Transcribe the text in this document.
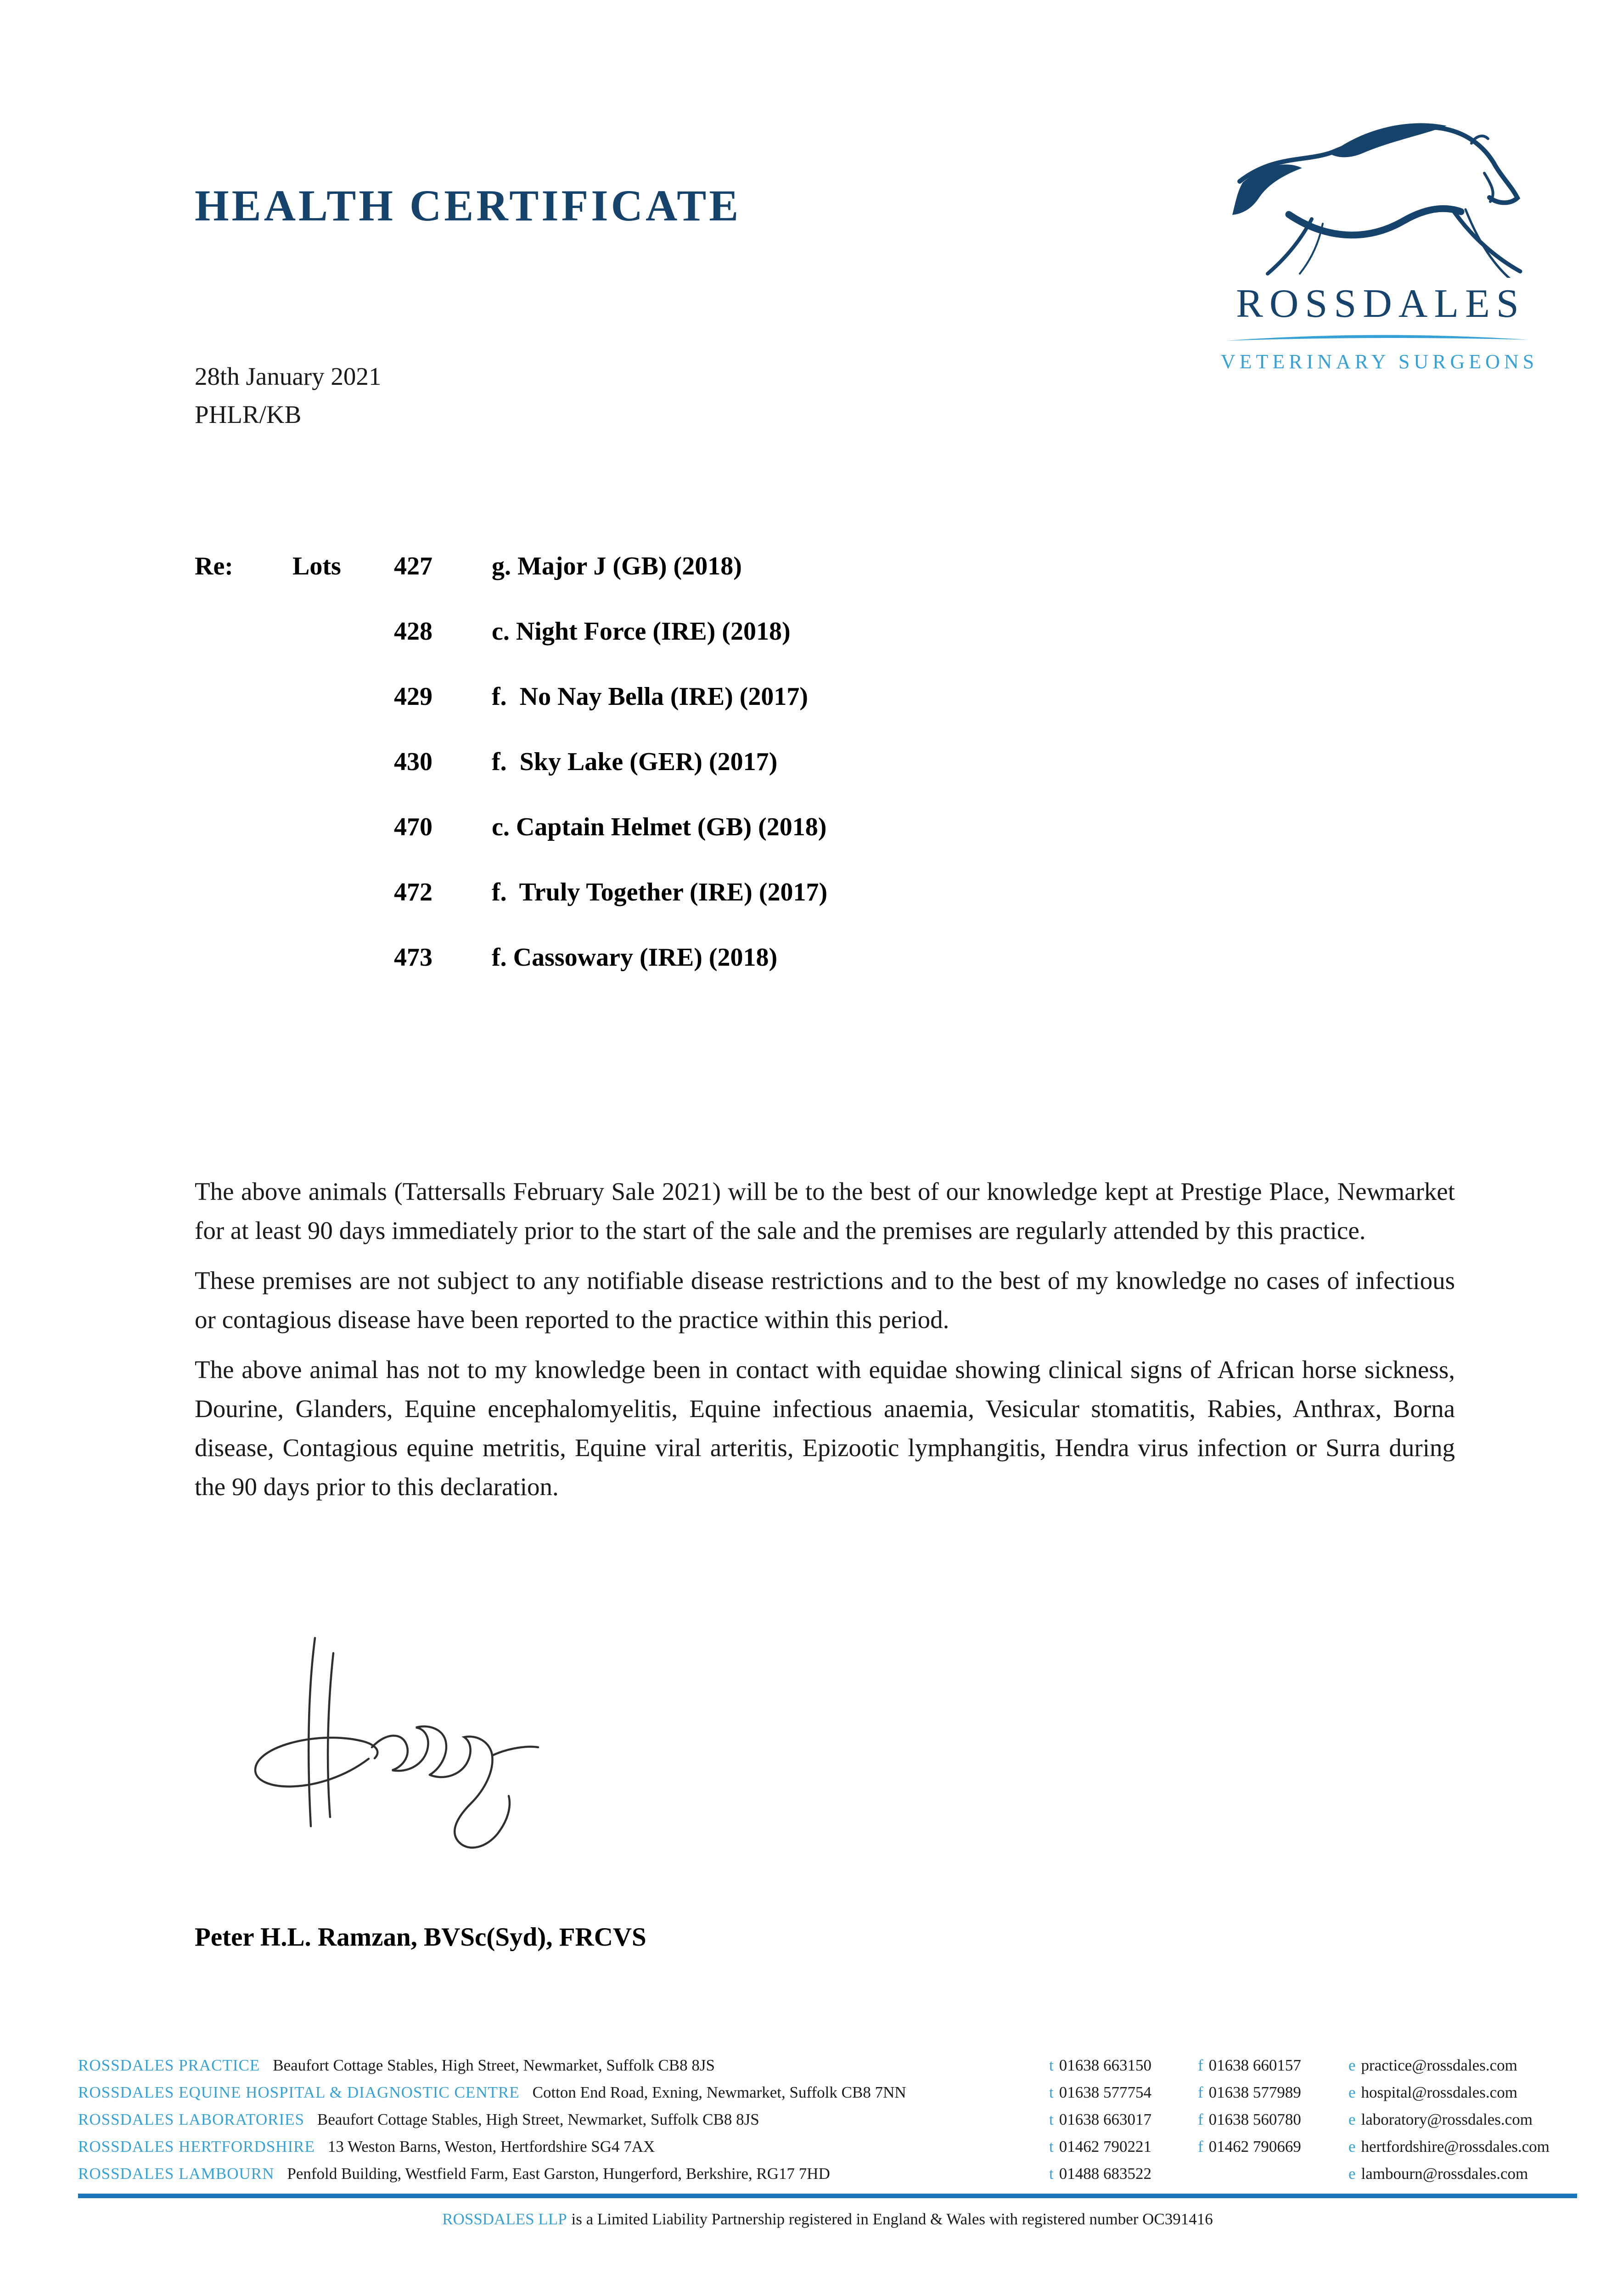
HEALTH CERTIFICATE
ROSSDALES
VETERINARY SURGEONS
28th January 2021
PHLR/KB
Re:	Lots	427	g. Major J (GB) (2018)
428	c. Night Force (IRE) (2018)
429	f.  No Nay Bella (IRE) (2017)
430	f.  Sky Lake (GER) (2017)
470	c. Captain Helmet (GB) (2018)
472	f.  Truly Together (IRE) (2017)
473	f. Cassowary (IRE) (2018)

The above animals (Tattersalls February Sale 2021) will be to the best of our knowledge kept at Prestige Place, Newmarket for at least 90 days immediately prior to the start of the sale and the premises are regularly attended by this practice.

These premises are not subject to any notifiable disease restrictions and to the best of my knowledge no cases of infectious or contagious disease have been reported to the practice within this period.

The above animal has not to my knowledge been in contact with equidae showing clinical signs of African horse sickness, Dourine, Glanders, Equine encephalomyelitis, Equine infectious anaemia, Vesicular stomatitis, Rabies, Anthrax, Borna disease, Contagious equine metritis, Equine viral arteritis, Epizootic lymphangitis, Hendra virus infection or Surra during the 90 days prior to this declaration.

Peter H.L. Ramzan, BVSc(Syd), FRCVS
ROSSDALES PRACTICE Beaufort Cottage Stables, High Street, Newmarket, Suffolk CB8 8JS	t 01638 663150	f 01638 660157	e practice@rossdales.com
ROSSDALES EQUINE HOSPITAL & DIAGNOSTIC CENTRE Cotton End Road, Exning, Newmarket, Suffolk CB8 7NN	t 01638 577754	f 01638 577989	e hospital@rossdales.com
ROSSDALES LABORATORIES Beaufort Cottage Stables, High Street, Newmarket, Suffolk CB8 8JS	t 01638 663017	f 01638 560780	e laboratory@rossdales.com
ROSSDALES HERTFORDSHIRE 13 Weston Barns, Weston, Hertfordshire SG4 7AX	t 01462 790221	f 01462 790669	e hertfordshire@rossdales.com
ROSSDALES LAMBOURN Penfold Building, Westfield Farm, East Garston, Hungerford, Berkshire, RG17 7HD	t 01488 683522	e lambourn@rossdales.com
ROSSDALES LLP is a Limited Liability Partnership registered in England & Wales with registered number OC391416
